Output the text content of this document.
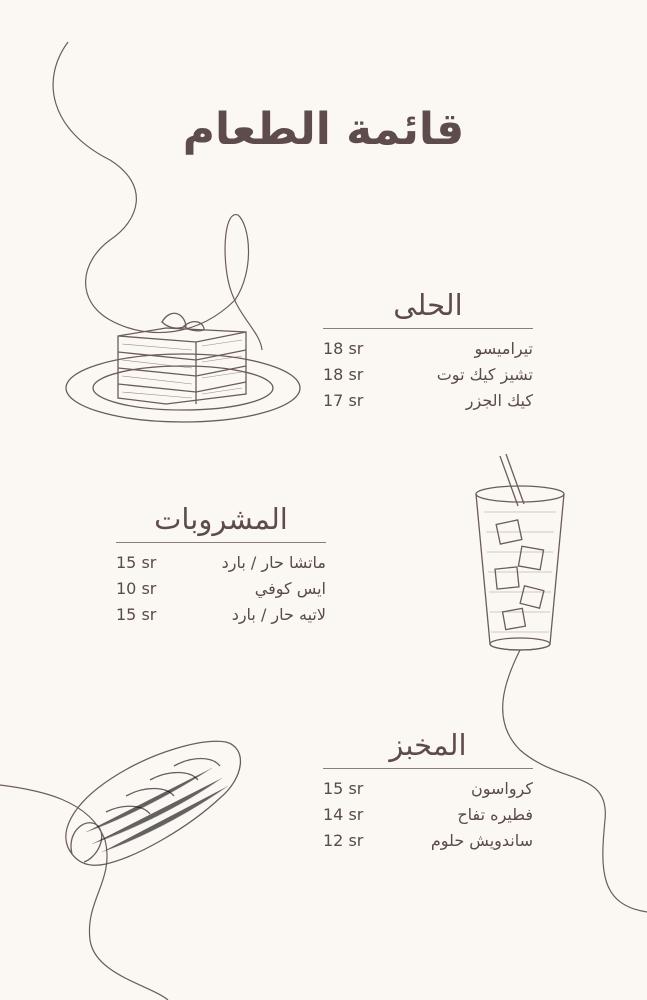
قائمة الطعام
الحلى
18 sr	تيراميسو
18 sr	تشيز كيك توت
17 sr	كيك الجزر
المشروبات
15 sr	ماتشا حار / بارد
10 sr	ايس كوفي
15 sr	لاتيه حار / بارد
المخبز
15 sr	كرواسون
14 sr	فطيره تفاح
12 sr	ساندويش حلوم
